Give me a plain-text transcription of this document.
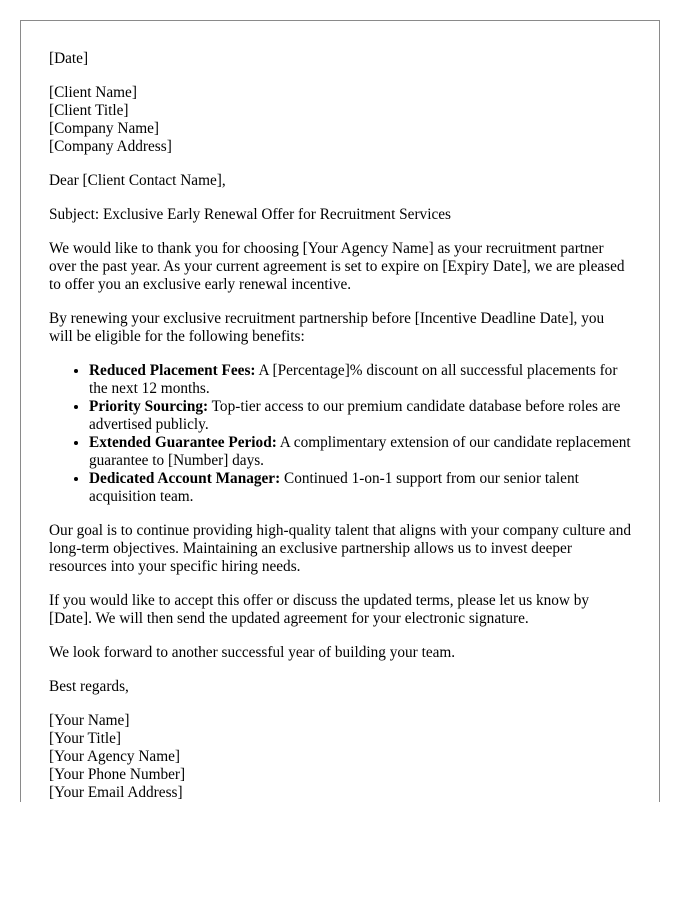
[Date]
[Client Name]
[Client Title]
[Company Name]
[Company Address]
Dear [Client Contact Name],
Subject: Exclusive Early Renewal Offer for Recruitment Services
We would like to thank you for choosing [Your Agency Name] as your recruitment partner over the past year. As your current agreement is set to expire on [Expiry Date], we are pleased to offer you an exclusive early renewal incentive.
By renewing your exclusive recruitment partnership before [Incentive Deadline Date], you will be eligible for the following benefits:
• Reduced Placement Fees: A [Percentage]% discount on all successful placements for the next 12 months.
• Priority Sourcing: Top-tier access to our premium candidate database before roles are advertised publicly.
• Extended Guarantee Period: A complimentary extension of our candidate replacement guarantee to [Number] days.
• Dedicated Account Manager: Continued 1-on-1 support from our senior talent acquisition team.
Our goal is to continue providing high-quality talent that aligns with your company culture and long-term objectives. Maintaining an exclusive partnership allows us to invest deeper resources into your specific hiring needs.
If you would like to accept this offer or discuss the updated terms, please let us know by [Date]. We will then send the updated agreement for your electronic signature.
We look forward to another successful year of building your team.
Best regards,
[Your Name]
[Your Title]
[Your Agency Name]
[Your Phone Number]
[Your Email Address]
